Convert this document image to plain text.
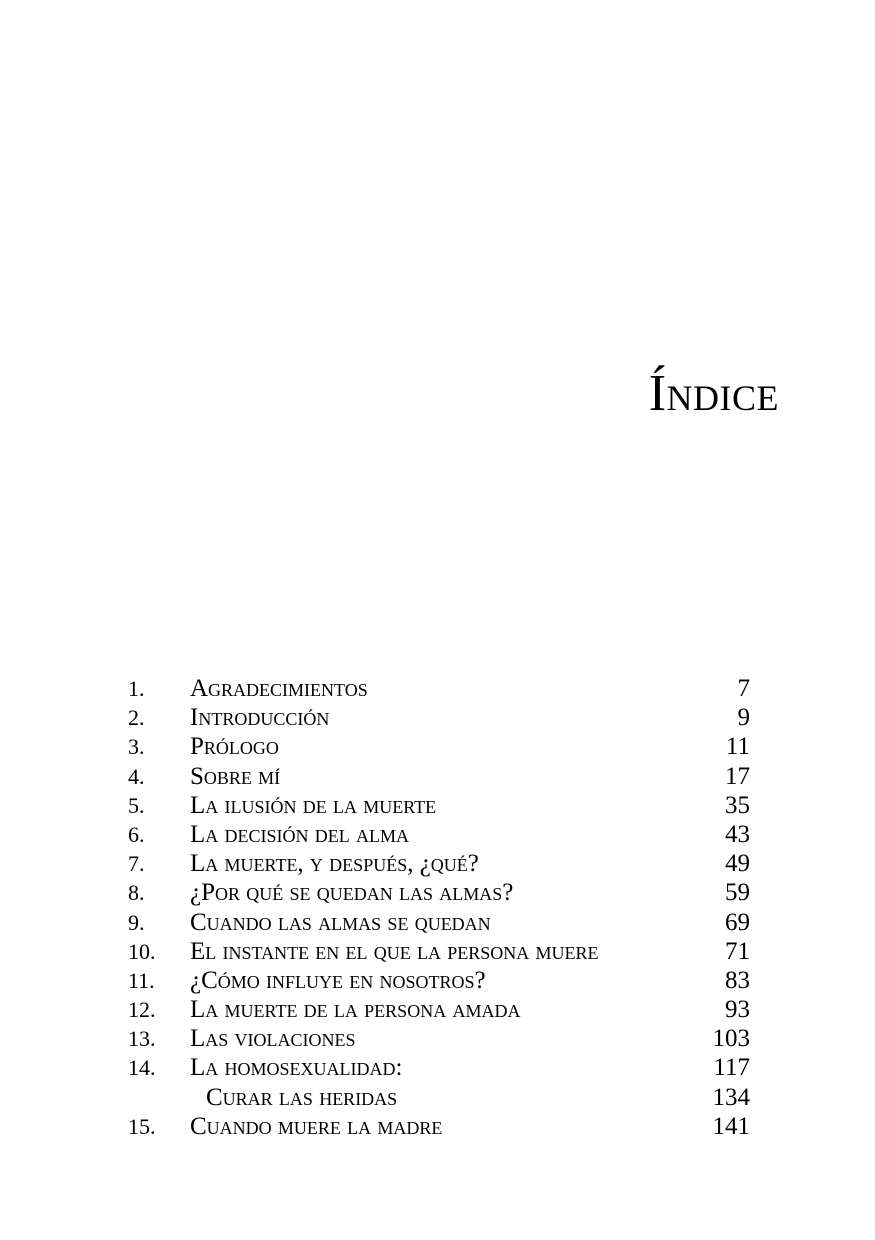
Índice
1. Agradecimientos	7
2. Introducción	9
3. Prólogo	11
4. Sobre mí	17
5. La ilusión de la muerte	35
6. La decisión del alma	43
7. La muerte, y después, ¿qué?	49
8. ¿Por qué se quedan las almas?	59
9. Cuando las almas se quedan	69
10. El instante en el que la persona muere	71
11. ¿Cómo influye en nosotros?	83
12. La muerte de la persona amada	93
13. Las violaciones	103
14. La homosexualidad:	117
Curar las heridas	134
15. Cuando muere la madre	141
